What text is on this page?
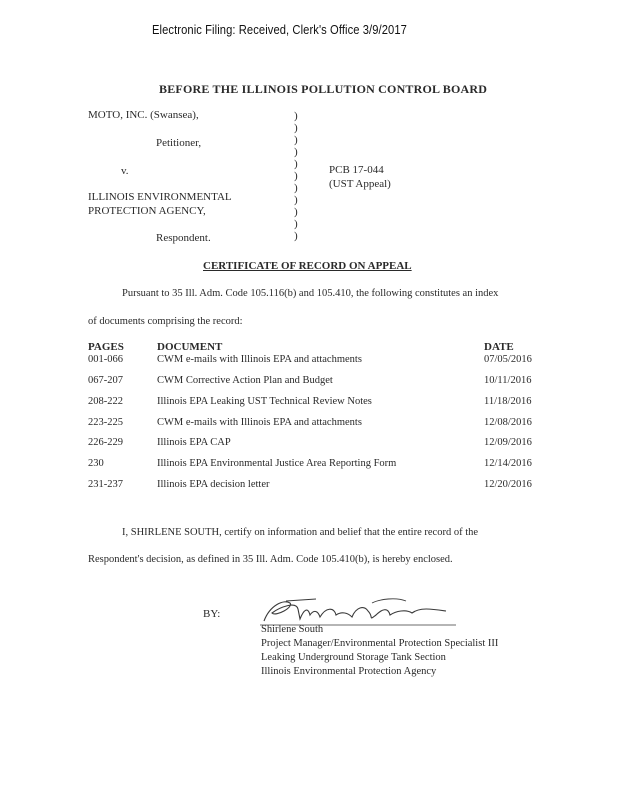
Electronic Filing: Received, Clerk's Office 3/9/2017
BEFORE THE ILLINOIS POLLUTION CONTROL BOARD
MOTO, INC. (Swansea),
Petitioner,
v.
ILLINOIS ENVIRONMENTAL
PROTECTION AGENCY,
Respondent.
)
)
)
)
)
)
)
)
)
)
)
PCB 17-044
(UST Appeal)
CERTIFICATE OF RECORD ON APPEAL
Pursuant to 35 Ill. Adm. Code 105.116(b) and 105.410, the following constitutes an index
of documents comprising the record:
PAGES	DOCUMENT	DATE
001-066	CWM e-mails with Illinois EPA and attachments	07/05/2016
067-207	CWM Corrective Action Plan and Budget	10/11/2016
208-222	Illinois EPA Leaking UST Technical Review Notes	11/18/2016
223-225	CWM e-mails with Illinois EPA and attachments	12/08/2016
226-229	Illinois EPA CAP	12/09/2016
230	Illinois EPA Environmental Justice Area Reporting Form	12/14/2016
231-237	Illinois EPA decision letter	12/20/2016
I, SHIRLENE SOUTH, certify on information and belief that the entire record of the
Respondent's decision, as defined in 35 Ill. Adm. Code 105.410(b), is hereby enclosed.
BY:
Shirlene South
Project Manager/Environmental Protection Specialist III
Leaking Underground Storage Tank Section
Illinois Environmental Protection Agency
